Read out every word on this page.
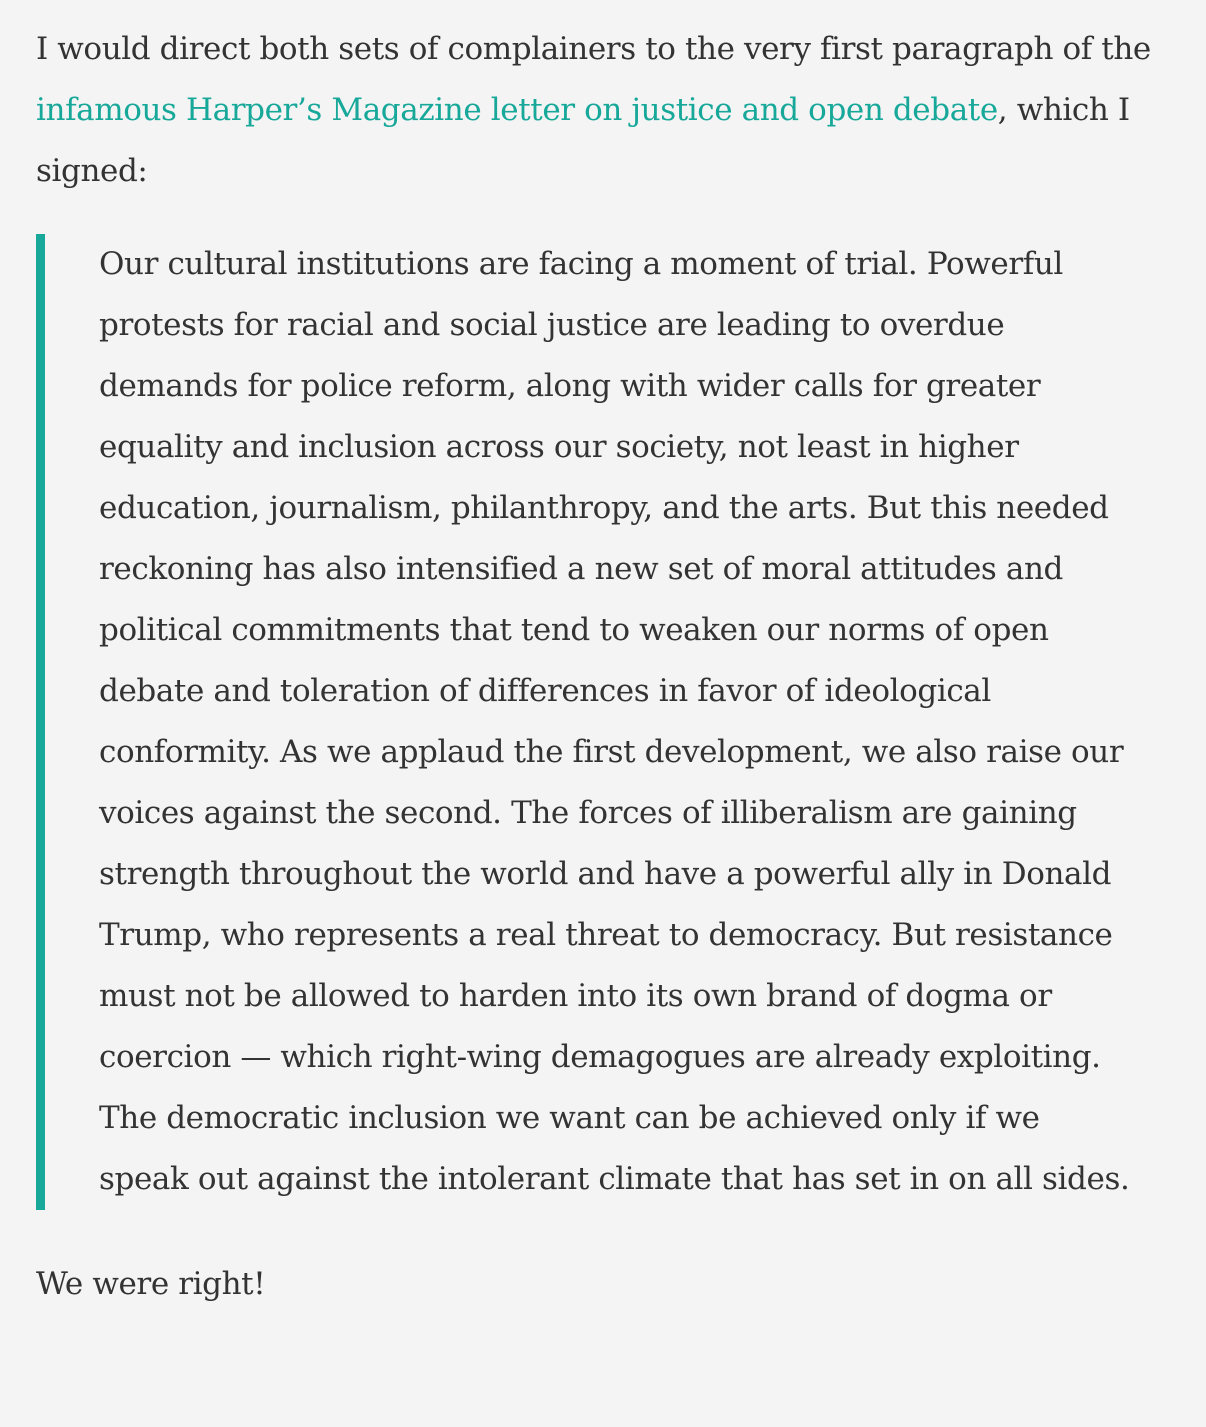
I would direct both sets of complainers to the very first paragraph of the infamous Harper’s Magazine letter on justice and open debate, which I signed:

Our cultural institutions are facing a moment of trial. Powerful protests for racial and social justice are leading to overdue demands for police reform, along with wider calls for greater equality and inclusion across our society, not least in higher education, journalism, philanthropy, and the arts. But this needed reckoning has also intensified a new set of moral attitudes and political commitments that tend to weaken our norms of open debate and toleration of differences in favor of ideological conformity. As we applaud the first development, we also raise our voices against the second. The forces of illiberalism are gaining strength throughout the world and have a powerful ally in Donald Trump, who represents a real threat to democracy. But resistance must not be allowed to harden into its own brand of dogma or coercion — which right-wing demagogues are already exploiting. The democratic inclusion we want can be achieved only if we speak out against the intolerant climate that has set in on all sides.

We were right!
